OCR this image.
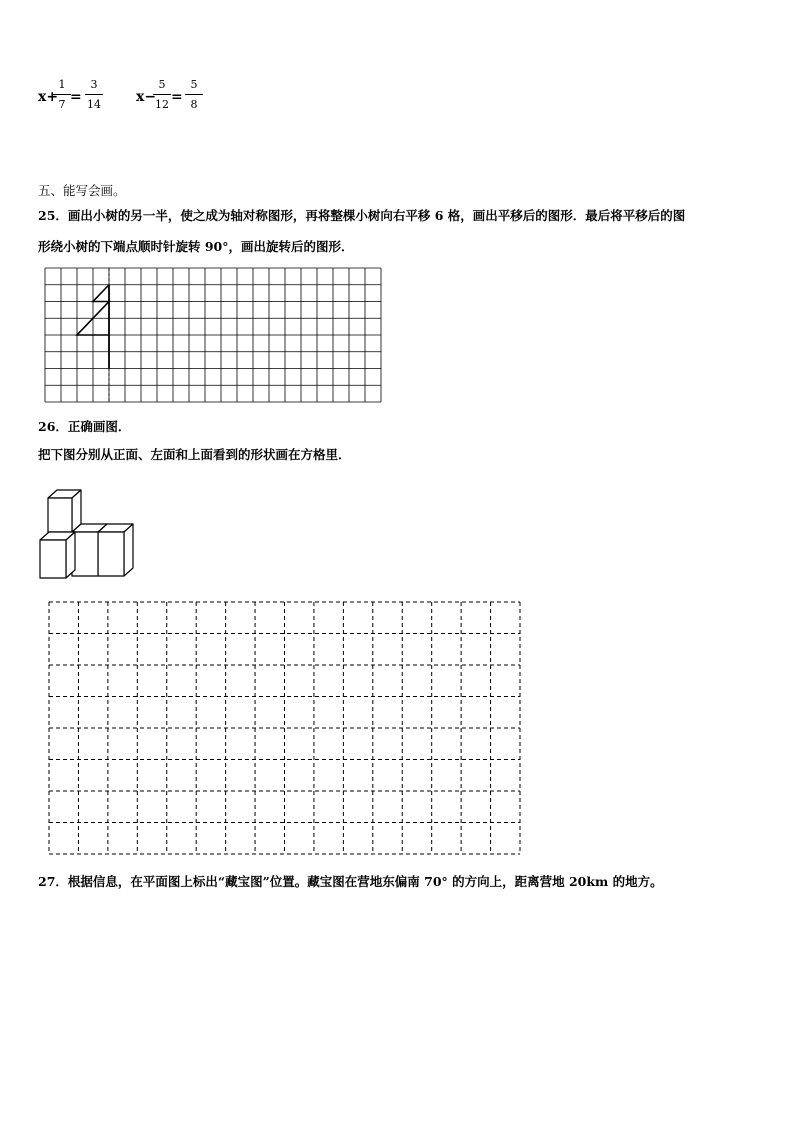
x+
1
7 =
3
14	x−
5
12 =
5
8
五、能写会画。
25．画出小树的另一半，使之成为轴对称图形，再将整棵小树向右平移 6 格，画出平移后的图形．最后将平移后的图
形绕小树的下端点顺时针旋转 90°，画出旋转后的图形．
26．正确画图．
把下图分别从正面、左面和上面看到的形状画在方格里．
27．根据信息，在平面图上标出“藏宝图”位置。藏宝图在营地东偏南 70° 的方向上，距离营地 20km 的地方。
